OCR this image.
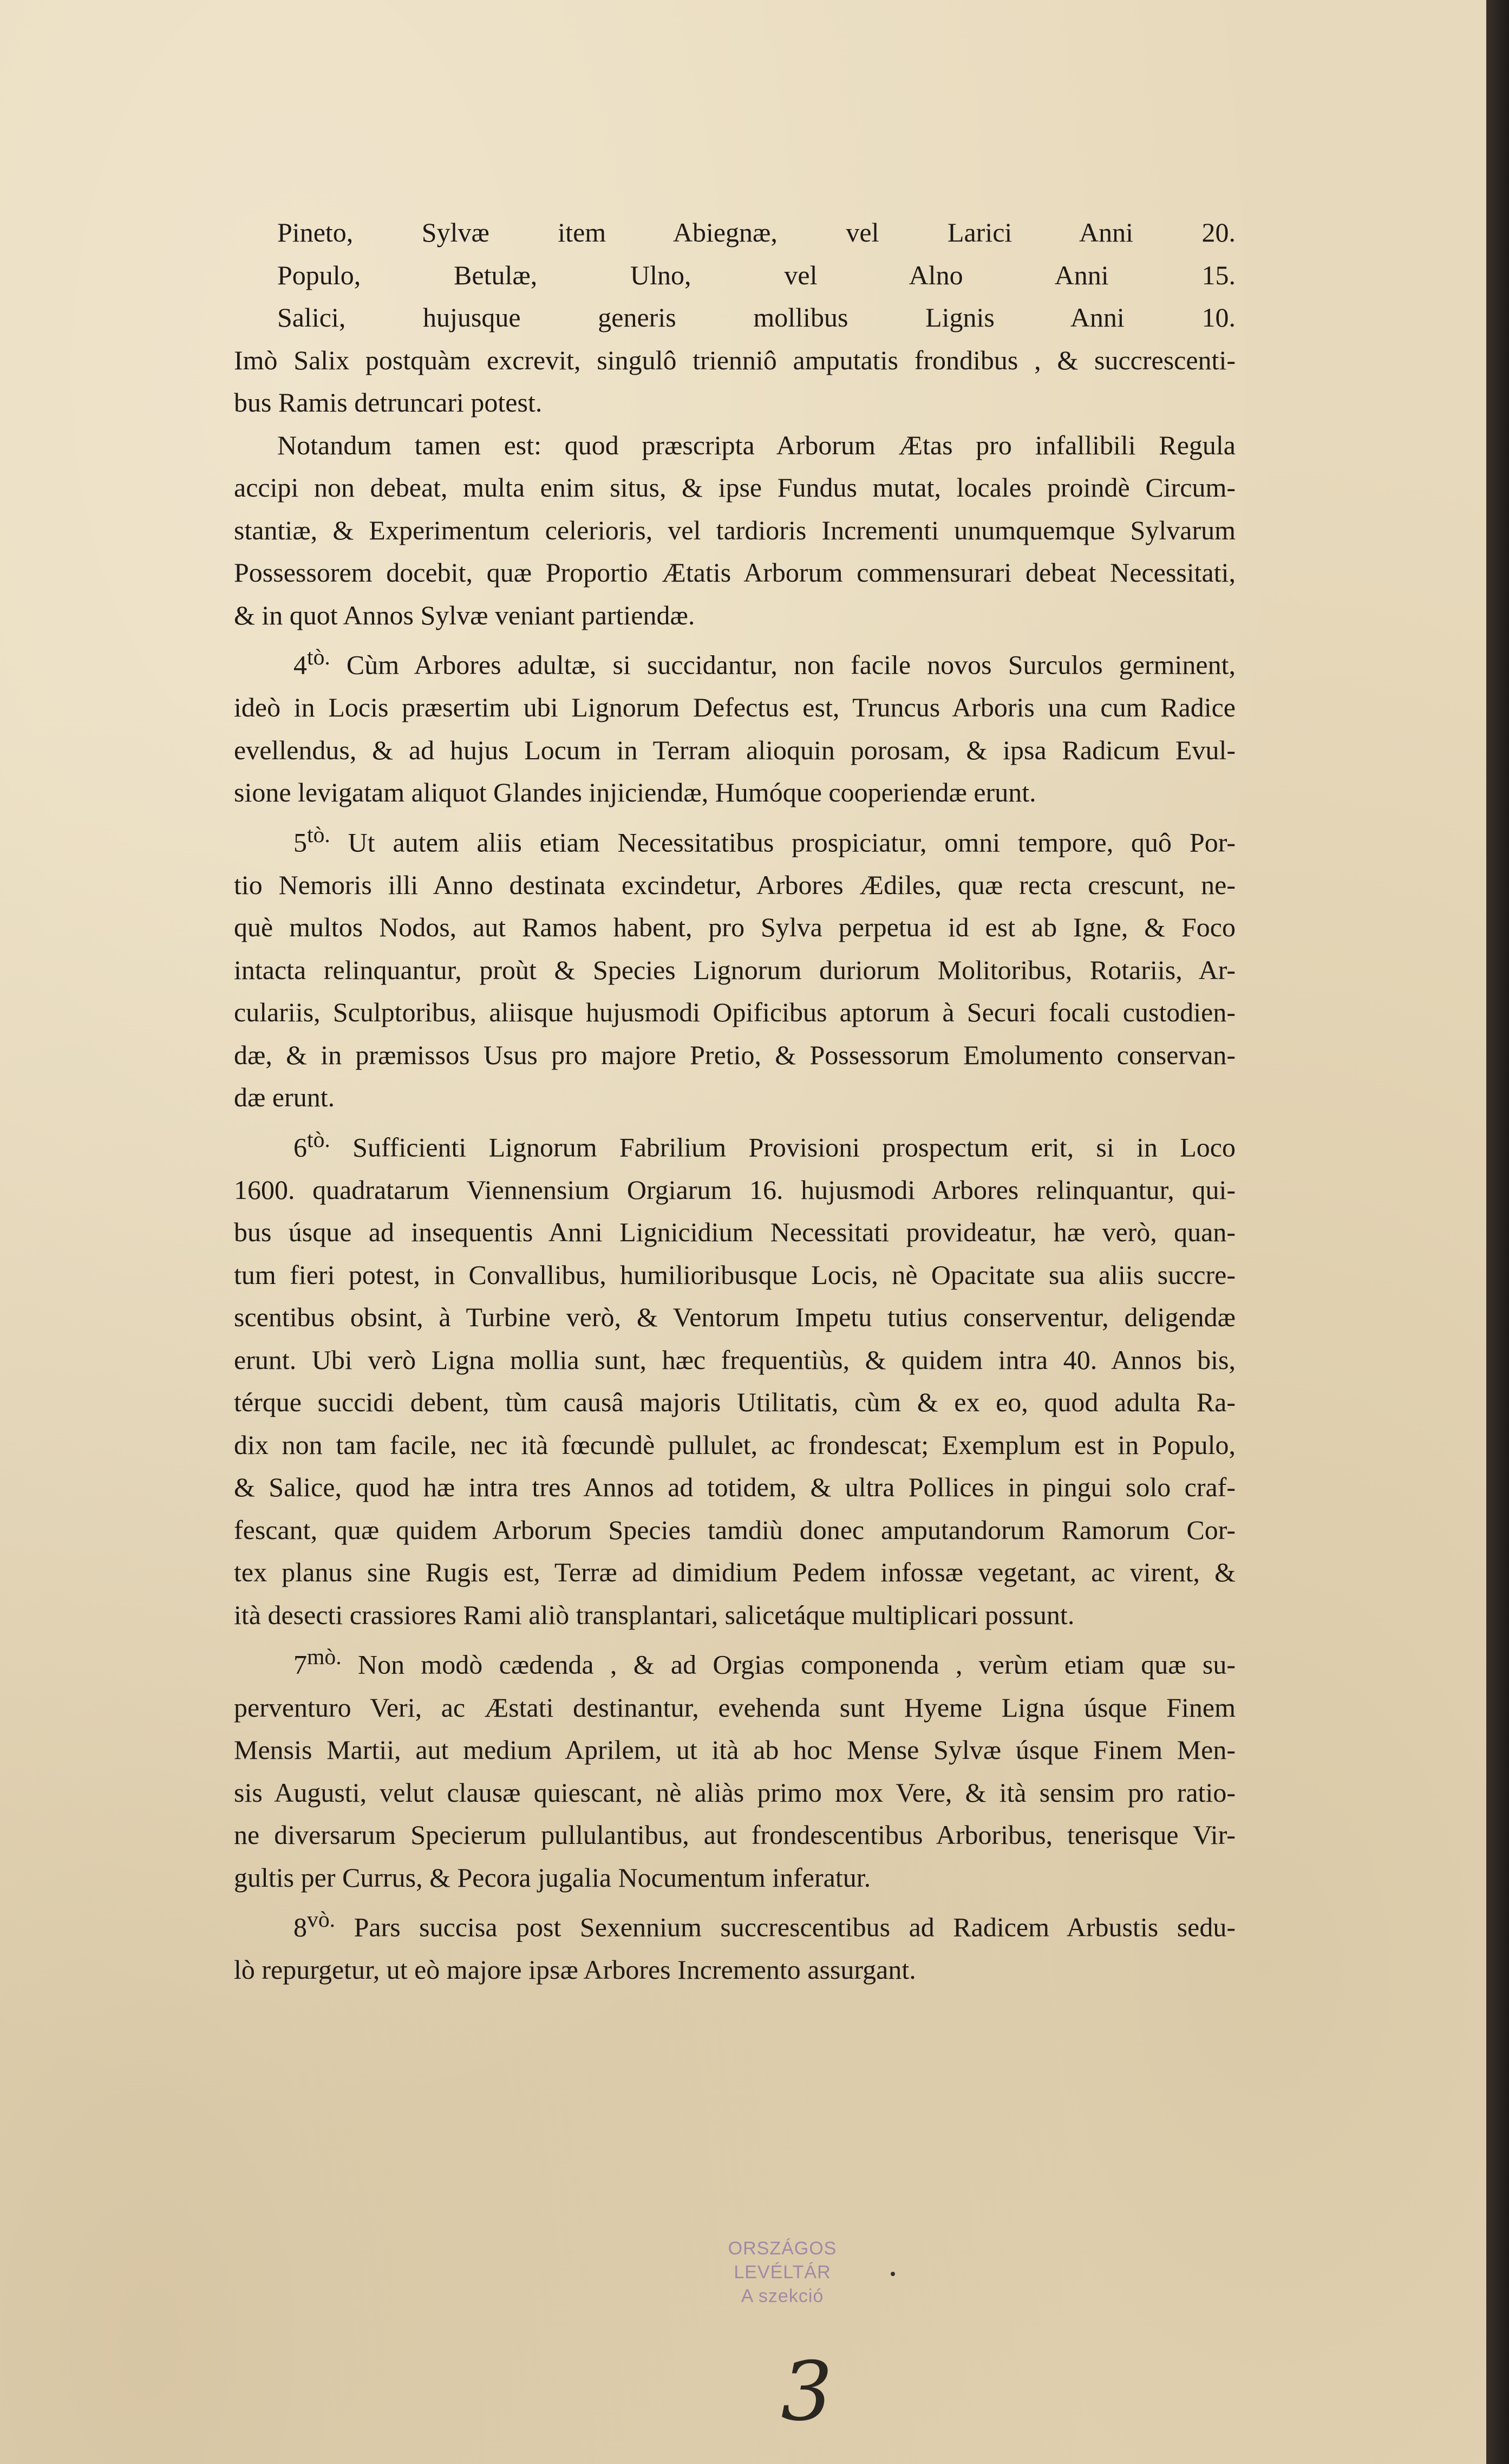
Pineto, Sylvæ item Abiegnæ, vel Larici Anni 20.
Populo, Betulæ, Ulno, vel Alno Anni 15.
Salici, hujusque generis mollibus Lignis Anni 10.
Imò Salix postquàm excrevit, singulô trienniô amputatis frondibus , & succrescenti-
bus Ramis detruncari potest.
Notandum tamen est: quod præscripta Arborum Ætas pro infallibili Regula
accipi non debeat, multa enim situs, & ipse Fundus mutat, locales proindè Circum-
stantiæ, & Experimentum celerioris, vel tardioris Incrementi unumquemque Sylvarum
Possessorem docebit, quæ Proportio Ætatis Arborum commensurari debeat Necessitati,
& in quot Annos Sylvæ veniant partiendæ.
$4^{tò.}$ Cùm Arbores adultæ, si succidantur, non facile novos Surculos germinent,
ideò in Locis præsertim ubi Lignorum Defectus est, Truncus Arboris una cum Radice
evellendus, & ad hujus Locum in Terram alioquin porosam, & ipsa Radicum Evul-
sione levigatam aliquot Glandes injiciendæ, Humóque cooperiendæ erunt.
$5^{tò.}$ Ut autem aliis etiam Necessitatibus prospiciatur, omni tempore, quô Por-
tio Nemoris illi Anno destinata excindetur, Arbores Ædiles, quæ recta crescunt, ne-
què multos Nodos, aut Ramos habent, pro Sylva perpetua id est ab Igne, & Foco
intacta relinquantur, proùt & Species Lignorum duriorum Molitoribus, Rotariis, Ar-
culariis, Sculptoribus, aliisque hujusmodi Opificibus aptorum à Securi focali custodien-
dæ, & in præmissos Usus pro majore Pretio, & Possessorum Emolumento conservan-
dæ erunt.
$6^{tò.}$ Sufficienti Lignorum Fabrilium Provisioni prospectum erit, si in Loco
1600. quadratarum Viennensium Orgiarum 16. hujusmodi Arbores relinquantur, qui-
bus úsque ad insequentis Anni Lignicidium Necessitati provideatur, hæ verò, quan-
tum fieri potest, in Convallibus, humilioribusque Locis, nè Opacitate sua aliis succre-
scentibus obsint, à Turbine verò, & Ventorum Impetu tutius conserventur, deligendæ
erunt. Ubi verò Ligna mollia sunt, hæc frequentiùs, & quidem intra 40. Annos bis,
térque succidi debent, tùm causâ majoris Utilitatis, cùm & ex eo, quod adulta Ra-
dix non tam facile, nec ità fœcundè pullulet, ac frondescat; Exemplum est in Populo,
& Salice, quod hæ intra tres Annos ad totidem, & ultra Pollices in pingui solo craf-
fescant, quæ quidem Arborum Species tamdiù donec amputandorum Ramorum Cor-
tex planus sine Rugis est, Terræ ad dimidium Pedem infossæ vegetant, ac virent, &
ità desecti crassiores Rami aliò transplantari, salicetáque multiplicari possunt.
$7^{mò.}$ Non modò cædenda , & ad Orgias componenda , verùm etiam quæ su-
perventuro Veri, ac Æstati destinantur, evehenda sunt Hyeme Ligna úsque Finem
Mensis Martii, aut medium Aprilem, ut ità ab hoc Mense Sylvæ úsque Finem Men-
sis Augusti, velut clausæ quiescant, nè aliàs primo mox Vere, & ità sensim pro ratio-
ne diversarum Specierum pullulantibus, aut frondescentibus Arboribus, tenerisque Vir-
gultis per Currus, & Pecora jugalia Nocumentum inferatur.
$8^{vò.}$ Pars succisa post Sexennium succrescentibus ad Radicem Arbustis sedu-
lò repurgetur, ut eò majore ipsæ Arbores Incremento assurgant.
ORSZÁGOS LEVÉLTÁR
A szekció
3
